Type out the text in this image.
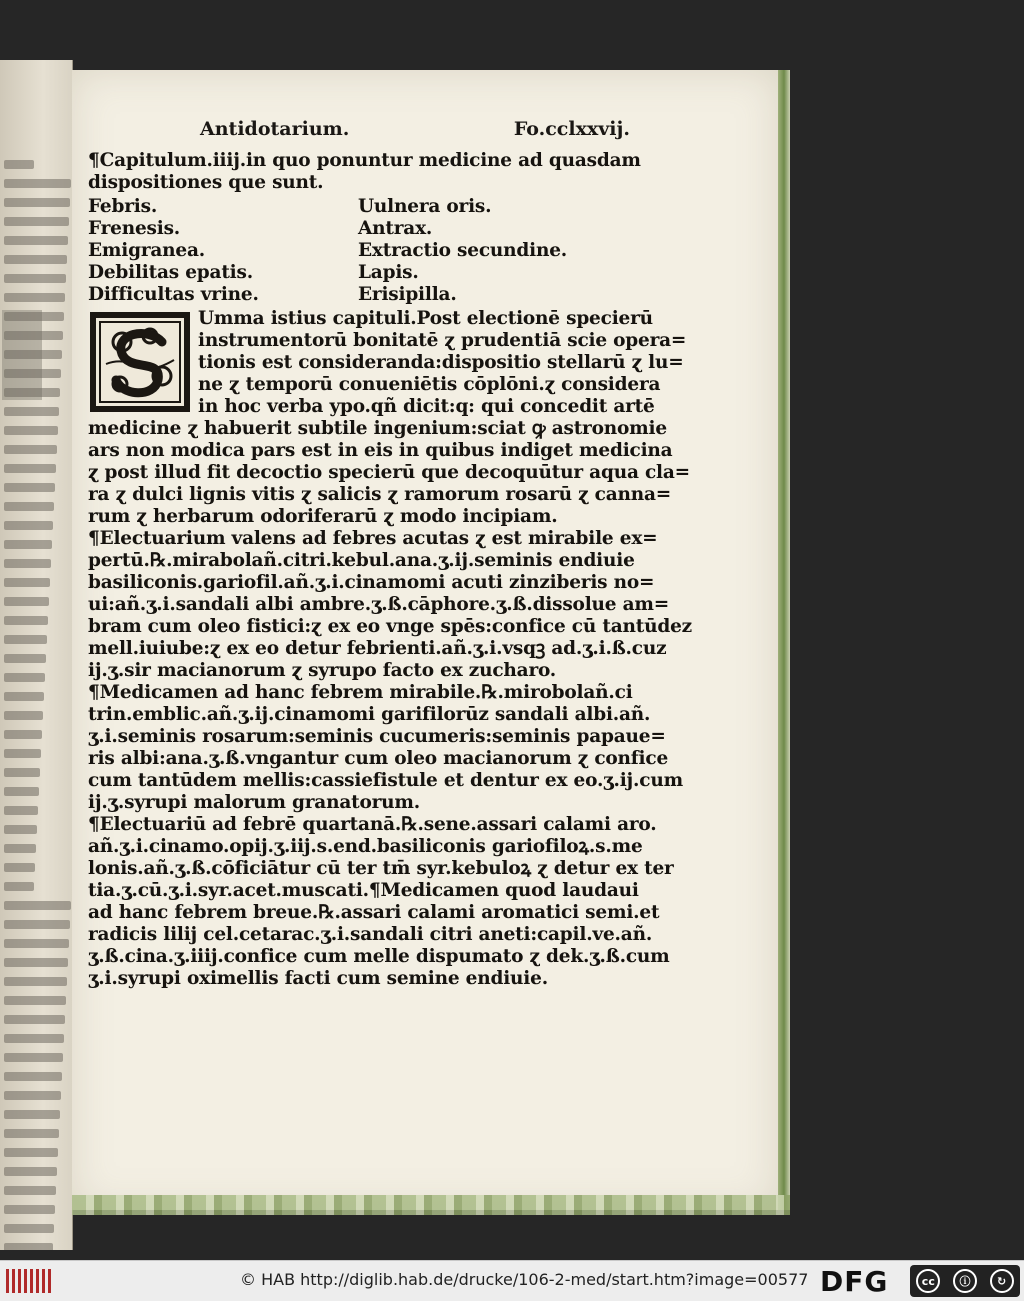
Antidotarium.	Fo.cclxxvij.

¶Capitulum.iiij.in quo ponuntur medicine ad quasdam

dispositiones que sunt.

Febris.	Uulnera oris.
Frenesis.	Antrax.
Emigranea.	Extractio secundine.
Debilitas epatis.	Lapis.
Difficultas vrine.	Erisipilla.
Umma istius capituli.Post electionē specierū
instrumentorū bonitatē ɀ prudentiā scie opera=
tionis est consideranda:dispositio stellarū ɀ lu=
ne ɀ temporū conueniētis cōplōni.ɀ considera
in hoc verba ypo.qñ dicit:q: qui concedit artē
medicine ɀ habuerit subtile ingenium:sciat ꝙ astronomie
ars non modica pars est in eis in quibus indiget medicina
ɀ post illud fit decoctio specierū que decoquūtur aqua cla=
ra ɀ dulci lignis vitis ɀ salicis ɀ ramorum rosarū ɀ canna=
rum ɀ herbarum odoriferarū ɀ modo incipiam.
¶Electuarium valens ad febres acutas ɀ est mirabile ex=
pertū.℞.mirabolañ.citri.kebul.ana.ʒ.ij.seminis endiuie
basiliconis.gariofil.añ.ʒ.i.cinamomi acuti zinziberis no=
ui:añ.ʒ.i.sandali albi ambre.ʒ.ß.cāphore.ʒ.ß.dissolue am=
bram cum oleo fistici:ɀ ex eo vnge spēs:confice cū tantūdez
mell.iuiube:ɀ ex eo detur febrienti.añ.ʒ.i.vsqꝫ ad.ʒ.i.ß.cuz
ij.ʒ.sir macianorum ɀ syrupo facto ex zucharo.
¶Medicamen ad hanc febrem mirabile.℞.mirobolañ.ci
trin.emblic.añ.ʒ.ij.cinamomi garifilorūz sandali albi.añ.
ʒ.i.seminis rosarum:seminis cucumeris:seminis papaue=
ris albi:ana.ʒ.ß.vngantur cum oleo macianorum ɀ confice
cum tantūdem mellis:cassiefistule et dentur ex eo.ʒ.ij.cum
ij.ʒ.syrupi malorum granatorum.
¶Electuariū ad febrē quartanā.℞.sene.assari calami aro.
añ.ʒ.i.cinamo.opij.ʒ.iij.s.end.basiliconis gariofiloꝝ.s.me
lonis.añ.ʒ.ß.cōficiātur cū ter tm̄ syr.kebuloꝝ ɀ detur ex ter
tia.ʒ.cū.ʒ.i.syr.acet.muscati.¶Medicamen quod laudaui
ad hanc febrem breue.℞.assari calami aromatici semi.et
radicis lilij cel.cetarac.ʒ.i.sandali citri aneti:capil.ve.añ.
ʒ.ß.cina.ʒ.iiij.confice cum melle dispumato ɀ dek.ʒ.ß.cum
ʒ.i.syrupi oximellis facti cum semine endiuie.
© HAB http://diglib.hab.de/drucke/106-2-med/start.htm?image=00577 DFG	cc	ⓘ	↻
